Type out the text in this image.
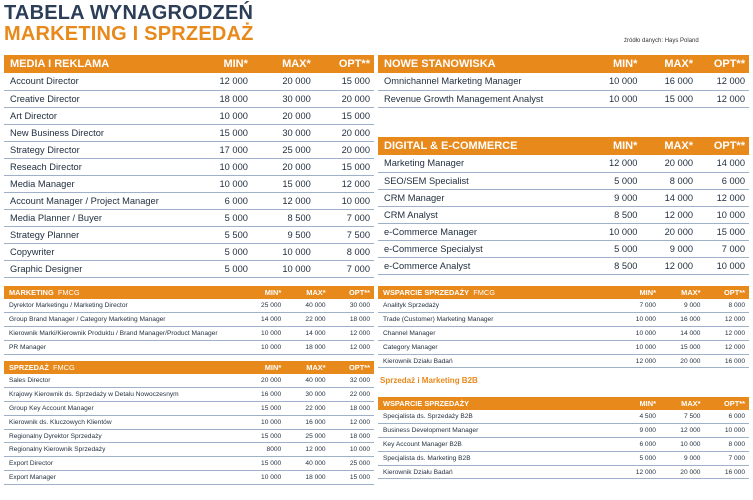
TABELA WYNAGRODZEŃ
MARKETING I SPRZEDAŻ	źródło danych: Hays Poland
MEDIA I REKLAMA	MIN*	MAX*	OPT**
Account Director	12 000	20 000	15 000
Creative Director	18 000	30 000	20 000
Art Director	10 000	20 000	15 000
New Business Director	15 000	30 000	20 000
Strategy Director	17 000	25 000	20 000
Reseach Director	10 000	20 000	15 000
Media Manager	10 000	15 000	12 000
Account Manager / Project Manager	6 000	12 000	10 000
Media Planner / Buyer	5 000	8 500	7 000
Strategy Planner	5 500	9 500	7 500
Copywriter	5 000	10 000	8 000
Graphic Designer	5 000	10 000	7 000
NOWE STANOWISKA	MIN*	MAX*	OPT**
Omnichannel Marketing Manager	10 000	16 000	12 000
Revenue Growth Management Analyst	10 000	15 000	12 000
DIGITAL & E-COMMERCE	MIN*	MAX*	OPT**
Marketing Manager	12 000	20 000	14 000
SEO/SEM Specialist	5 000	8 000	6 000
CRM Manager	9 000	14 000	12 000
CRM Analyst	8 500	12 000	10 000
e-Commerce Manager	10 000	20 000	15 000
e-Commerce Specialyst	5 000	9 000	7 000
e-Commerce Analyst	8 500	12 000	10 000
MARKETING FMCG	MIN*	MAX*	OPT**
Dyrektor Marketingu / Marketing Director	25 000	40 000	30 000
Group Brand Manager / Category Marketing Manager	14 000	22 000	18 000
Kierownik Marki/Kierownik Produktu / Brand Manager/Product Manager	10 000	14 000	12 000
PR Manager	10 000	18 000	12 000
WSPARCIE SPRZEDAŻY FMCG	MIN*	MAX*	OPT**
Analityk Sprzedaży	7 000	9 000	8 000
Trade (Customer) Marketing Manager	10 000	16 000	12 000
Channel Manager	10 000	14 000	12 000
Category Manager	10 000	15 000	12 000
Kierownik Działu Badań	12 000	20 000	16 000
SPRZEDAŻ FMCG	MIN*	MAX*	OPT**
Sales Director	20 000	40 000	32 000
Krajowy Kierownik ds. Sprzedaży w Detalu Nowoczesnym	16 000	30 000	22 000
Group Key Account Manager	15 000	22 000	18 000
Kierownik ds. Kluczowych Klientów	10 000	16 000	12 000
Regionalny Dyrektor Sprzedaży	15 000	25 000	18 000
Regionalny Kierownik Sprzedaży	8000	12 000	10 000
Export Director	15 000	40 000	25 000
Export Manager	10 000	18 000	15 000
Sprzedaż i Marketing B2B
WSPARCIE SPRZEDAŻY	MIN*	MAX*	OPT**
Specjalista ds. Sprzedaży B2B	4 500	7 500	6 000
Business Development Manager	9 000	12 000	10 000
Key Account Manager B2B	6 000	10 000	8 000
Specjalista ds. Marketing B2B	5 000	9 000	7 000
Kierownik Działu Badań	12 000	20 000	16 000
